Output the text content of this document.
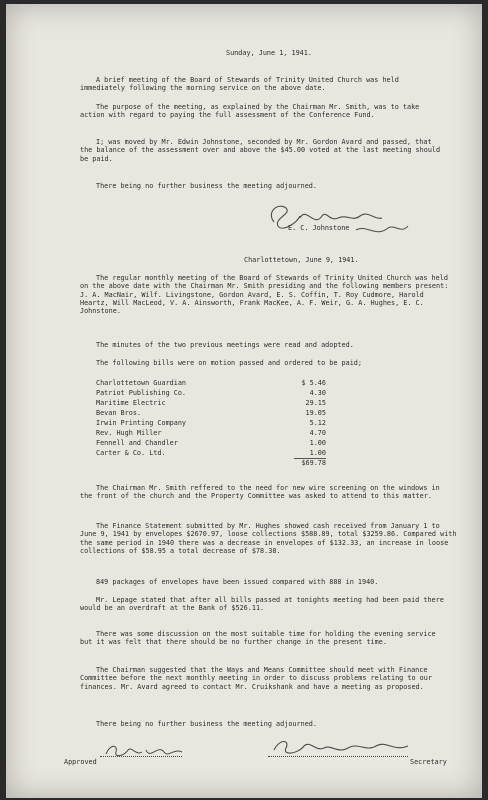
Sunday, June 1, 1941.
A brief meeting of the Board of Stewards of Trinity United Church was held immediately following the morning service on the above date.
The purpose of the meeting, as explained by the Chairman Mr. Smith, was to take action with regard to paying the full assessment of the Conference Fund.
I; was moved by Mr. Edwin Johnstone, seconded by Mr. Gordon Avard and passed, that the balance of the assessment over and above the $45.00 voted at the last meeting should be paid.
There being no further business the meeting adjourned.
E. C. Johnstone
Charlottetown, June 9, 1941.
The regular monthly meeting of the Board of Stewards of Trinity United Church was held on the above date with the Chairman Mr. Smith presiding and the following members present: J. A. MacNair, Wilf. Livingstone, Gordon Avard, E. S. Coffin, T. Roy Cudmore, Harold Heartz, Will MacLeod, V. A. Ainsworth, Frank MacKee, A. F. Weir, G. A. Hughes, E. C. Johnstone.
The minutes of the two previous meetings were read and adopted.
The following bills were on motion passed and ordered to be paid;
Charlottetown Guardian	$ 5.46
Patriot Publishing Co.	4.30
Maritime Electric	29.15
Bevan Bros.	19.05
Irwin Printing Company	5.12
Rev. Hugh Miller	4.70
Fennell and Chandler	1.00
Carter & Co. Ltd.	1.00
$69.78
The Chairman Mr. Smith reffered to the need for new wire screening on the windows in the front of the church and the Property Committee was asked to attend to this matter.
The Finance Statement submitted by Mr. Hughes showed cash received from January 1 to June 9, 1941 by envelopes $2670.97, loose collections $588.89, total $3259.86. Compared with the same period in 1940 there was a decrease in envelopes of $132.33, an increase in loose collections of $58.95 a total decrease of $78.38.
849 packages of envelopes have been issued compared with 888 in 1940.
Mr. Lepage stated that after all bills passed at tonights meeting had been paid there would be an overdraft at the Bank of $526.11.
There was some discussion on the most suitable time for holding the evening service but it was felt that there should be no further change in the present time.
The Chairman suggested that the Ways and Means Committee should meet with Finance Committee before the next monthly meeting in order to discuss problems relating to our finances. Mr. Avard agreed to contact Mr. Cruikshank and have a meeting as proposed.
There being no further business the meeting adjourned.
Approved	Secretary
